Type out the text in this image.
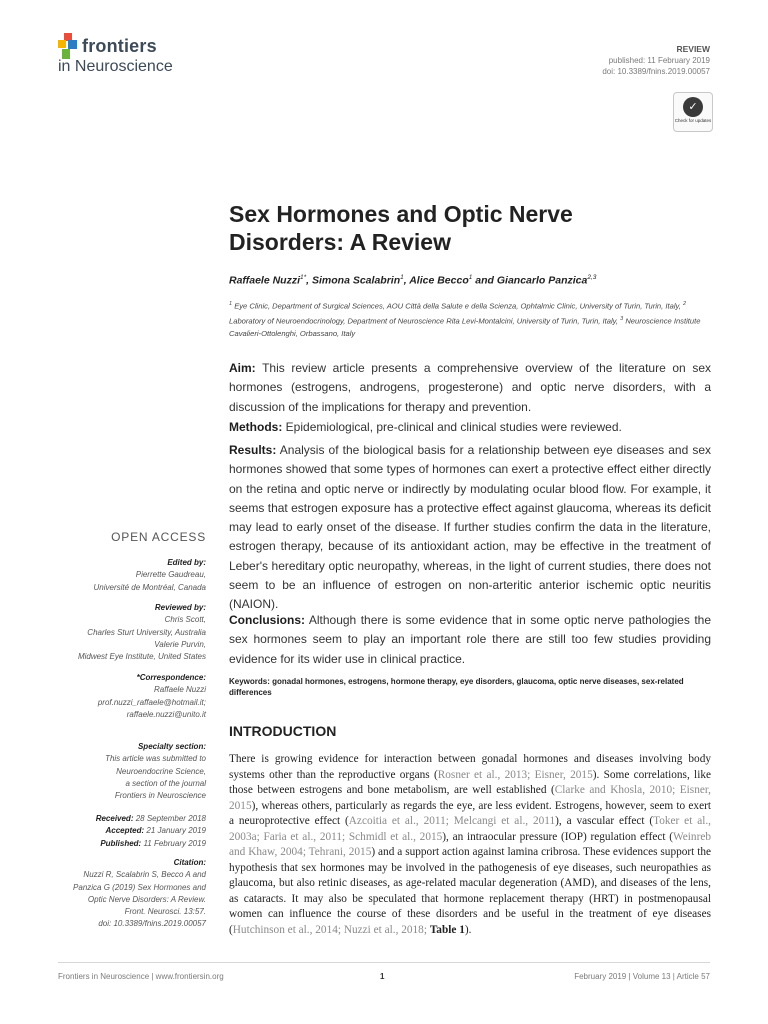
frontiers
in Neuroscience
REVIEW
published: 11 February 2019
doi: 10.3389/fnins.2019.00057
✓
Check for updates
Sex Hormones and Optic Nerve Disorders: A Review
Raffaele Nuzzi$^{1*}$, Simona Scalabrin$^1$, Alice Becco$^1$ and Giancarlo Panzica$^{2,3}$
$^1$ Eye Clinic, Department of Surgical Sciences, AOU Città della Salute e della Scienza, Ophtalmic Clinic, University of Turin, Turin, Italy, $^2$ Laboratory of Neuroendocrinology, Department of Neuroscience Rita Levi-Montalcini, University of Turin, Turin, Italy, $^3$ Neuroscience Institute Cavalieri-Ottolenghi, Orbassano, Italy

Aim: This review article presents a comprehensive overview of the literature on sex hormones (estrogens, androgens, progesterone) and optic nerve disorders, with a discussion of the implications for therapy and prevention.

Methods: Epidemiological, pre-clinical and clinical studies were reviewed.

Results: Analysis of the biological basis for a relationship between eye diseases and sex hormones showed that some types of hormones can exert a protective effect either directly on the retina and optic nerve or indirectly by modulating ocular blood flow. For example, it seems that estrogen exposure has a protective effect against glaucoma, whereas its deficit may lead to early onset of the disease. If further studies confirm the data in the literature, estrogen therapy, because of its antioxidant action, may be effective in the treatment of Leber's hereditary optic neuropathy, whereas, in the light of current studies, there does not seem to be an influence of estrogen on non-arteritic anterior ischemic optic neuritis (NAION).

Conclusions: Although there is some evidence that in some optic nerve pathologies the sex hormones seem to play an important role there are still too few studies providing evidence for its wider use in clinical practice.

Keywords: gonadal hormones, estrogens, hormone therapy, eye disorders, glaucoma, optic nerve diseases, sex-related differences

INTRODUCTION

There is growing evidence for interaction between gonadal hormones and diseases involving body systems other than the reproductive organs (Rosner et al., 2013; Eisner, 2015). Some correlations, like those between estrogens and bone metabolism, are well established (Clarke and Khosla, 2010; Eisner, 2015), whereas others, particularly as regards the eye, are less evident. Estrogens, however, seem to exert a neuroprotective effect (Azcoitia et al., 2011; Melcangi et al., 2011), a vascular effect (Toker et al., 2003a; Faria et al., 2011; Schmidl et al., 2015), an intraocular pressure (IOP) regulation effect (Weinreb and Khaw, 2004; Tehrani, 2015) and a support action against lamina cribrosa. These evidences support the hypothesis that sex hormones may be involved in the pathogenesis of eye diseases, such neuropathies as glaucoma, but also retinic diseases, as age-related macular degeneration (AMD), and diseases of the lens, as cataracts. It may also be speculated that hormone replacement therapy (HRT) in postmenopausal women can influence the course of these disorders and be useful in the treatment of eye diseases (Hutchinson et al., 2014; Nuzzi et al., 2018; Table 1).

OPEN ACCESS
Edited by:
Pierrette Gaudreau,
Université de Montréal, Canada
Reviewed by:
Chris Scott,
Charles Sturt University, Australia
Valerie Purvin,
Midwest Eye Institute, United States
*Correspondence:
Raffaele Nuzzi
prof.nuzzi_raffaele@hotmail.it;
raffaele.nuzzi@unito.it
Specialty section:
This article was submitted to
Neuroendocrine Science,
a section of the journal
Frontiers in Neuroscience
Received: 28 September 2018
Accepted: 21 January 2019
Published: 11 February 2019
Citation:
Nuzzi R, Scalabrin S, Becco A and
Panzica G (2019) Sex Hormones and
Optic Nerve Disorders: A Review.
Front. Neurosci. 13:57.
doi: 10.3389/fnins.2019.00057
Frontiers in Neuroscience | www.frontiersin.org	1	February 2019 | Volume 13 | Article 57
